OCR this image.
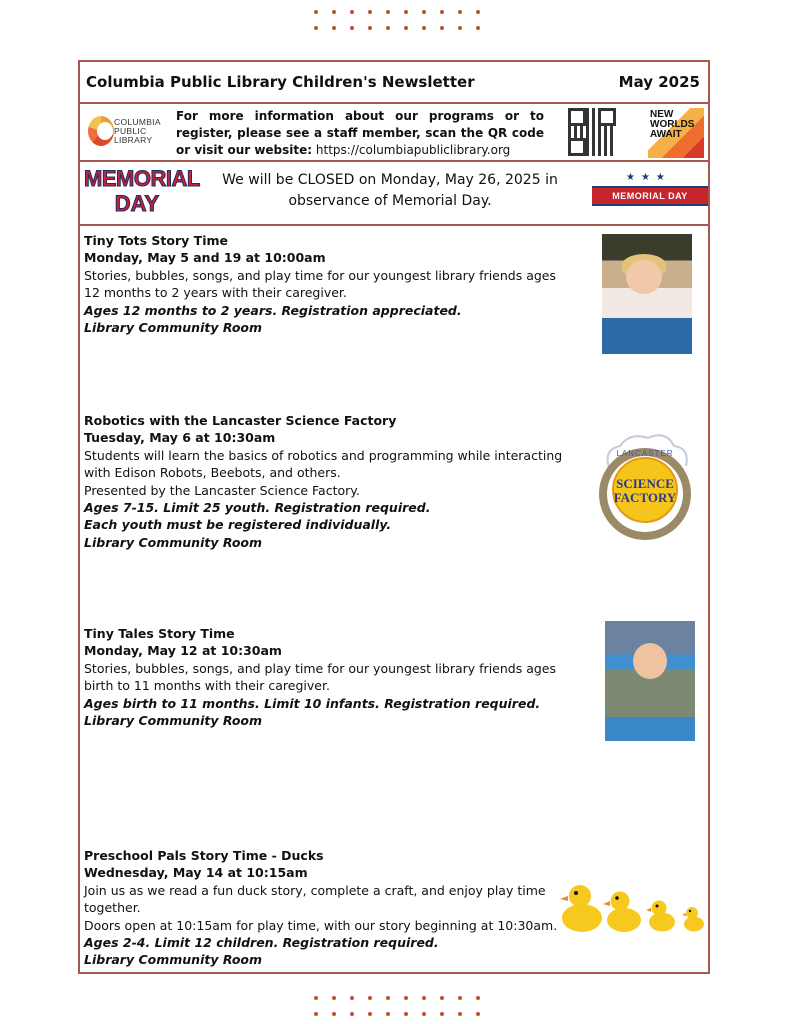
Columbia Public Library Children's Newsletter	May 2025
COLUMBIA PUBLIC LIBRARY
For more information about our programs or to register, please see a staff member, scan the QR code or visit our website: https://columbiapubliclibrary.org
NEW WORLDS AWAIT
MEMORIAL
DAY
We will be CLOSED on Monday, May 26, 2025 in observance of Memorial Day.
★★★
MEMORIAL DAY

Tiny Tots Story Time

Monday, May 5 and 19 at 10:00am

Stories, bubbles, songs, and play time for our youngest library friends ages 12 months to 2 years with their caregiver.

Ages 12 months to 2 years. Registration appreciated.

Library Community Room

Robotics with the Lancaster Science Factory

Tuesday, May 6 at 10:30am

Students will learn the basics of robotics and programming while interacting with Edison Robots, Beebots, and others.

Presented by the Lancaster Science Factory.

Ages 7-15. Limit 25 youth. Registration required.

Each youth must be registered individually.

Library Community Room

LANCASTER
SCIENCE
FACTORY

Tiny Tales Story Time

Monday, May 12 at 10:30am

Stories, bubbles, songs, and play time for our youngest library friends ages birth to 11 months with their caregiver.

Ages birth to 11 months. Limit 10 infants. Registration required.

Library Community Room

Preschool Pals Story Time - Ducks

Wednesday, May 14 at 10:15am

Join us as we read a fun duck story, complete a craft, and enjoy play time together.

Doors open at 10:15am for play time, with our story beginning at 10:30am.

Ages 2-4. Limit 12 children. Registration required.

Library Community Room
